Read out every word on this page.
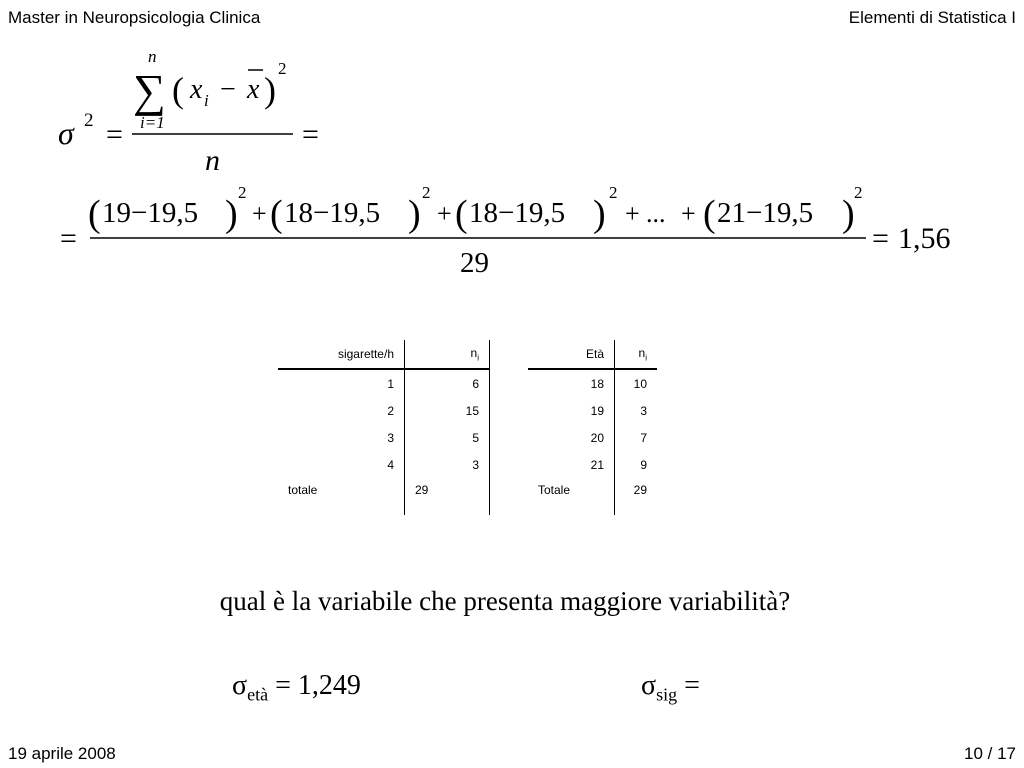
Master in Neuropsicologia Clinica	Elementi di Statistica I
σ 2 =
n
∑
i=1
( x i − x )
2
n
=
=
( 19−19,5 )
2
+ ( 18−19,5 )
2
+ ( 18−19,5 )
2
+ ... + ( 21−19,5 )
2
29
= 1,56
sigarette/h	$n_i$
1	6
2	15
3	5
4	3
totale	29
Età	$n_i$
18	10
19	3
20	7
21	9
Totale	29
qual è la variabile che presenta maggiore variabilità?
$\sigma_{età} = 1,249$	$\sigma_{sig}$ =
19 aprile 2008	10 / 17
